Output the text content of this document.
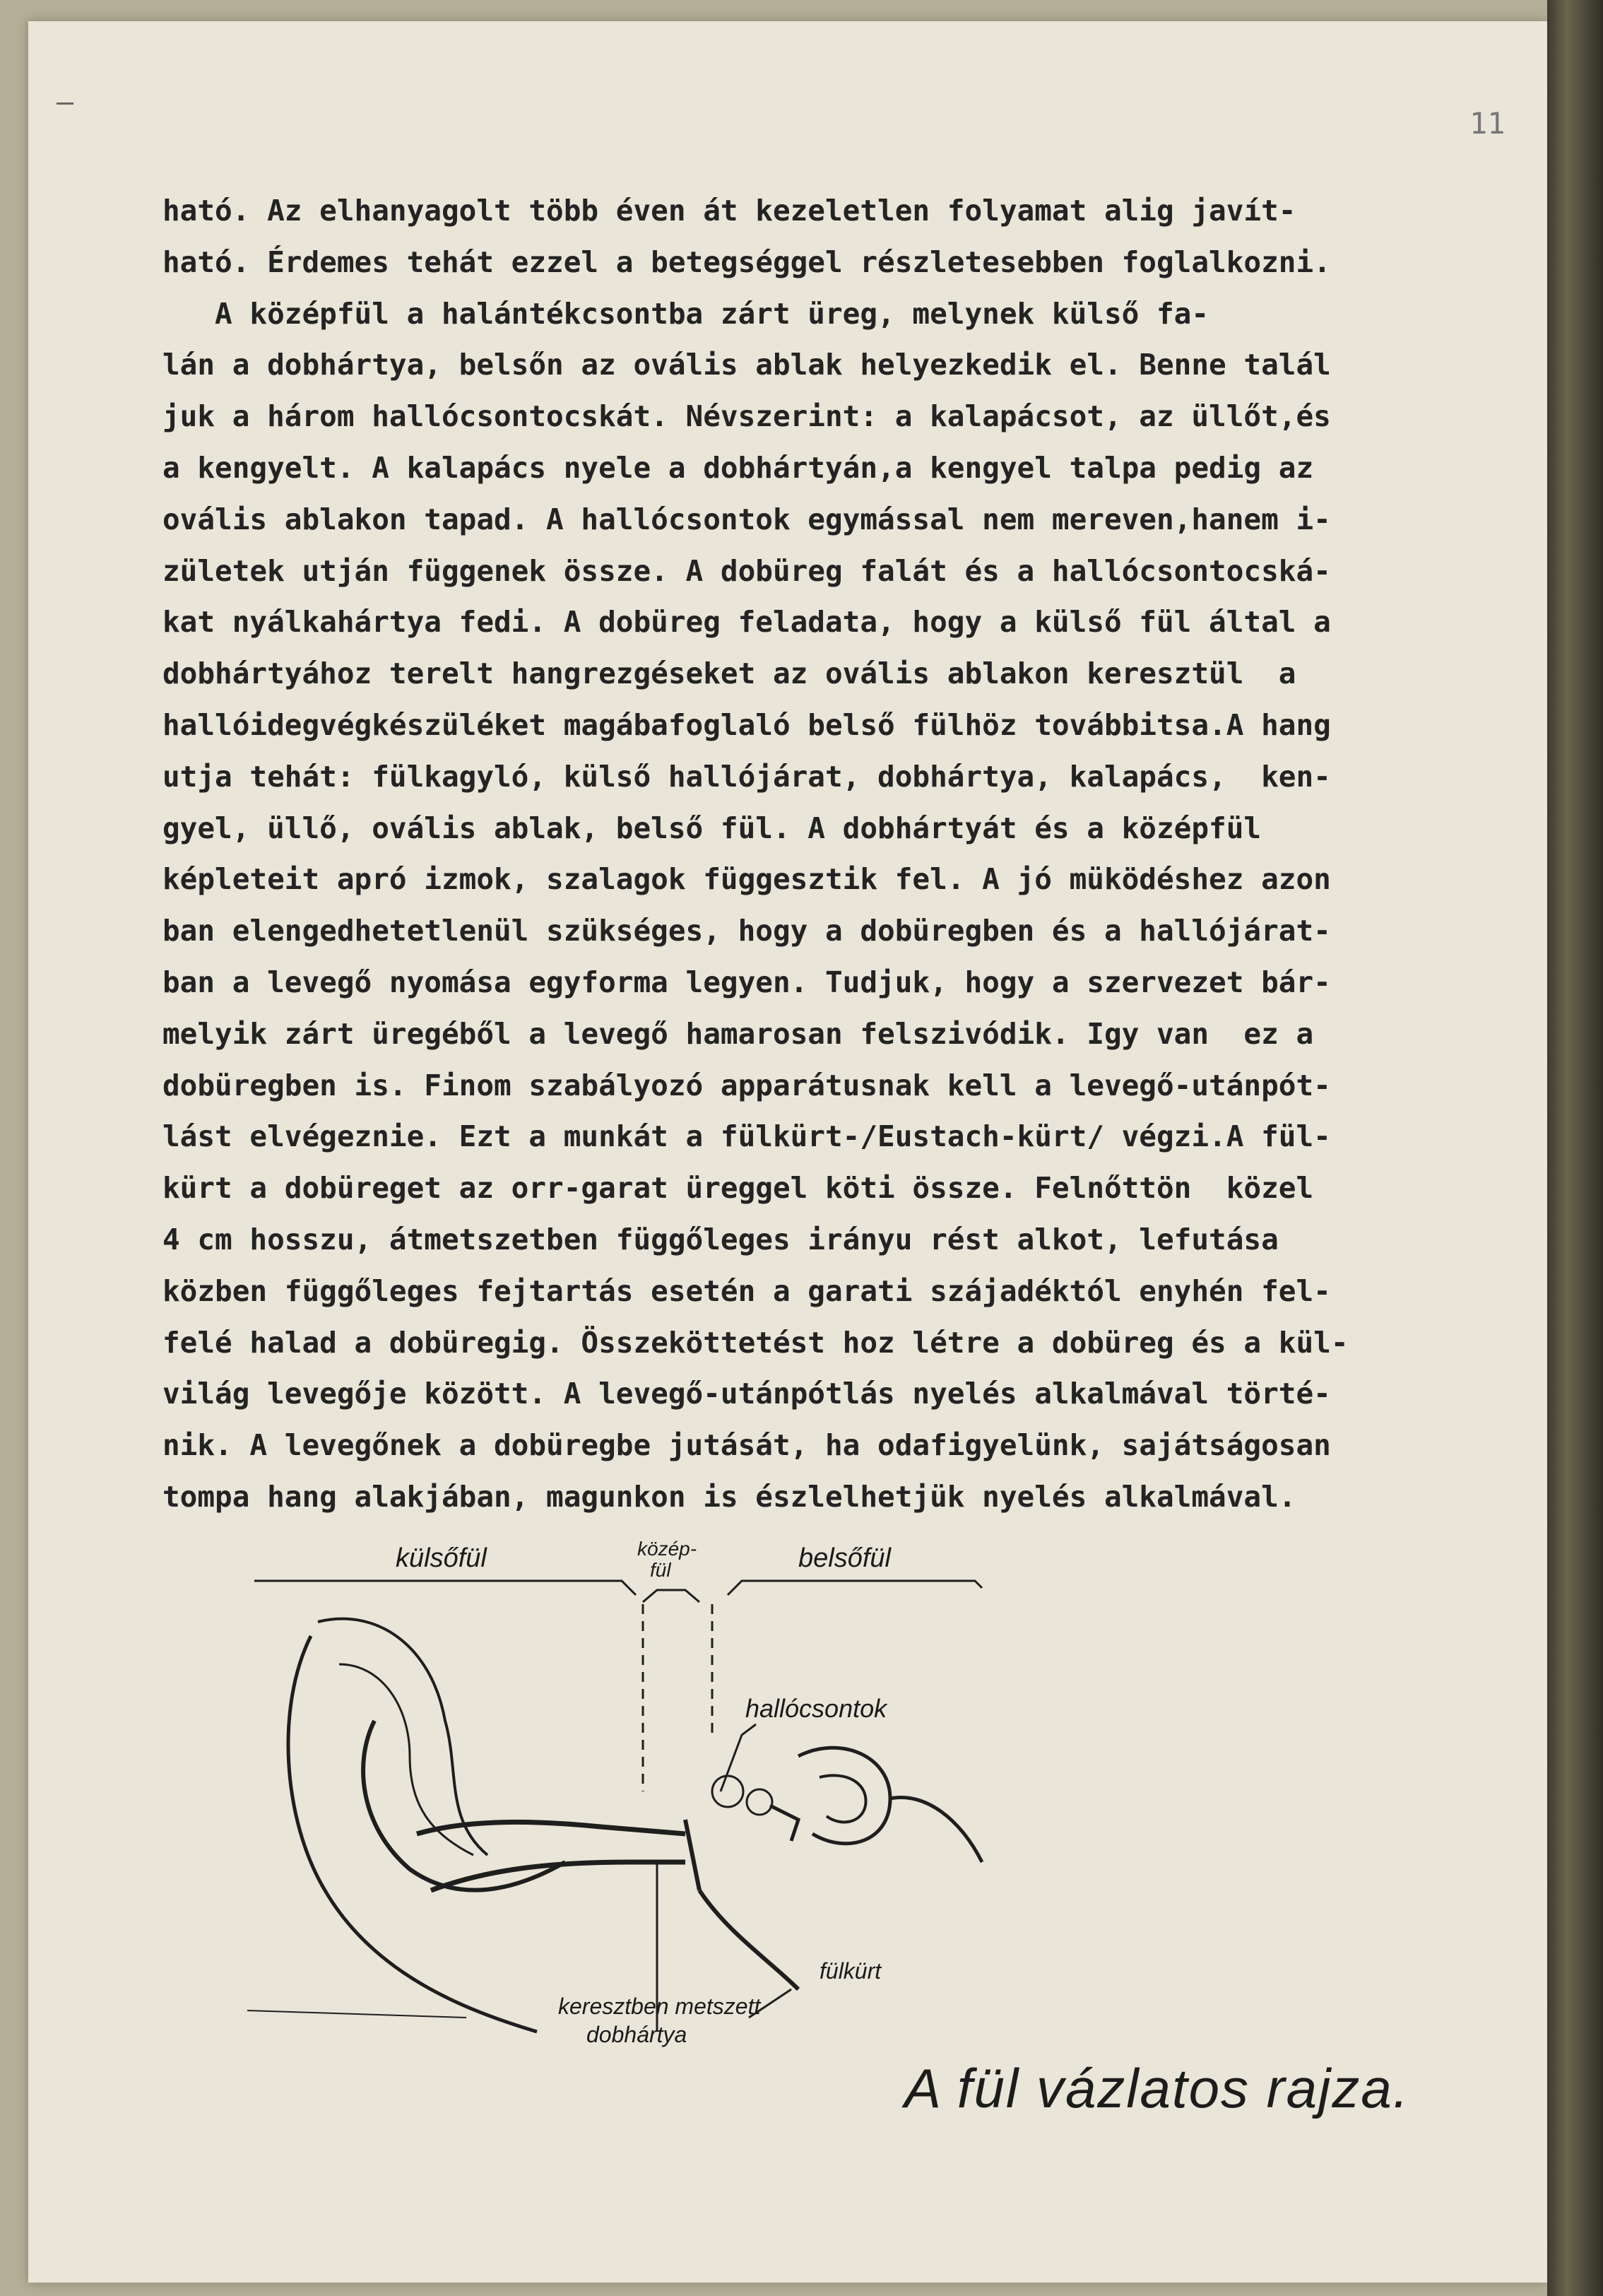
11
ható. Az elhanyagolt több éven át kezeletlen folyamat alig javít-
ható. Érdemes tehát ezzel a betegséggel részletesebben foglalkozni.
A középfül a halántékcsontba zárt üreg, melynek külső fa-
lán a dobhártya, belsőn az ovális ablak helyezkedik el. Benne talál
juk a három hallócsontocskát. Névszerint: a kalapácsot, az üllőt,és
a kengyelt. A kalapács nyele a dobhártyán,a kengyel talpa pedig az
ovális ablakon tapad. A hallócsontok egymással nem mereven,hanem i-
zületek utján függenek össze. A dobüreg falát és a hallócsontocská-
kat nyálkahártya fedi. A dobüreg feladata, hogy a külső fül által a
dobhártyához terelt hangrezgéseket az ovális ablakon keresztül  a
hallóidegvégkészüléket magábafoglaló belső fülhöz továbbitsa.A hang
utja tehát: fülkagyló, külső hallójárat, dobhártya, kalapács,  ken-
gyel, üllő, ovális ablak, belső fül. A dobhártyát és a középfül
képleteit apró izmok, szalagok függesztik fel. A jó müködéshez azon
ban elengedhetetlenül szükséges, hogy a dobüregben és a hallójárat-
ban a levegő nyomása egyforma legyen. Tudjuk, hogy a szervezet bár-
melyik zárt üregéből a levegő hamarosan felszivódik. Igy van  ez a
dobüregben is. Finom szabályozó apparátusnak kell a levegő-utánpót-
lást elvégeznie. Ezt a munkát a fülkürt-/Eustach-kürt/ végzi.A fül-
kürt a dobüreget az orr-garat üreggel köti össze. Felnőttön  közel
4 cm hosszu, átmetszetben függőleges irányu rést alkot, lefutása
közben függőleges fejtartás esetén a garati szájadéktól enyhén fel-
felé halad a dobüregig. Összeköttetést hoz létre a dobüreg és a kül-
világ levegője között. A levegő-utánpótlás nyelés alkalmával törté-
nik. A levegőnek a dobüregbe jutását, ha odafigyelünk, sajátságosan
tompa hang alakjában, magunkon is észlelhetjük nyelés alkalmával.
külsőfül	közép-
fül	belsőfül
hallócsontok
fülkürt
keresztben metszett
dobhártya
A fül vázlatos rajza.
